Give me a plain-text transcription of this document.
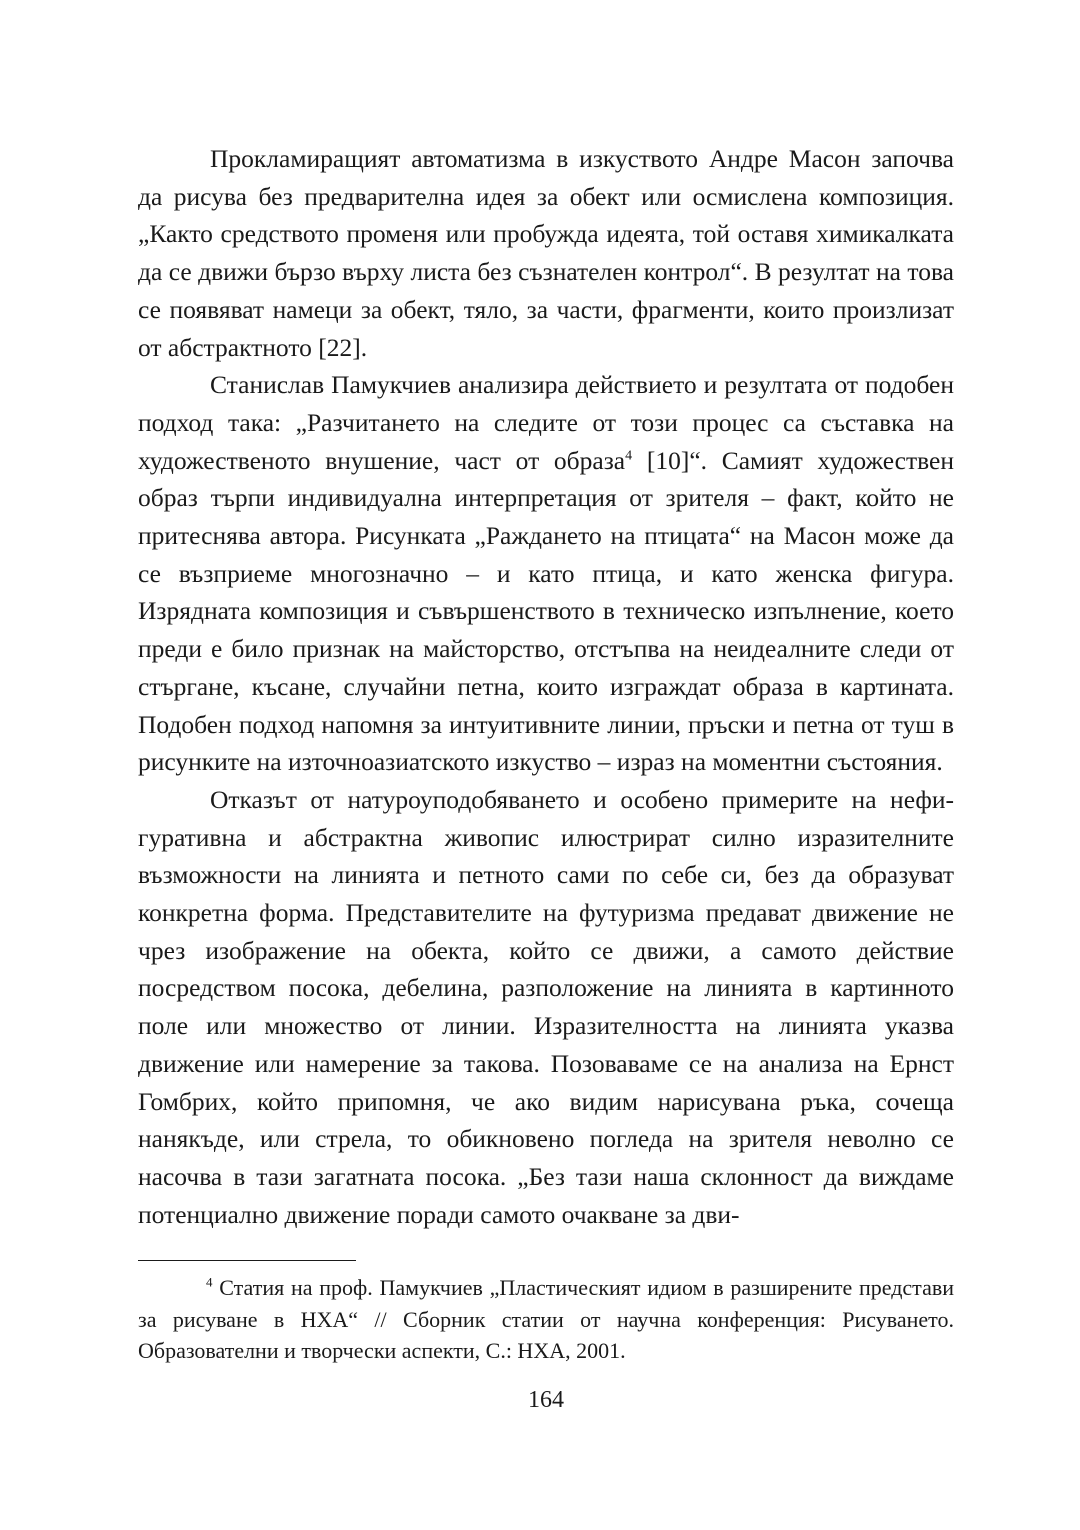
Прокламиращият автоматизма в изкуството Андре Масон започва да рисува без предварителна идея за обект или осмислена композиция. „Както средството променя или пробужда идеята, той оставя химикалката да се движи бързо върху листа без съзнателен контрол“. В резултат на това се появяват намеци за обект, тяло, за части, фрагменти, които произлизат от абстрактното [22].

Станислав Памукчиев анализира действието и резултата от подобен подход така: „Разчитането на следите от този процес са съставка на художественото внушение, част от образа$^4$ [10]“. Самият художествен образ търпи индивидуална интерпретация от зрителя – факт, който не притеснява автора. Рисунката „Раждането на птицата“ на Масон може да се възприеме многозначно – и като птица, и като женска фигура. Изрядната композиция и съвършенството в техническо изпълнение, което преди е било признак на майсторство, отстъпва на неидеалните следи от стъргане, късане, случайни петна, които изграждат образа в картината. Подобен подход напомня за интуитивните линии, пръски и петна от туш в рисунките на източноазиатското изкуство – израз на моментни състояния.

Отказът от натуроуподобяването и особено примерите на нефигуративна и абстрактна живопис илюстрират силно изразителните възможности на линията и петното сами по себе си, без да образуват конкретна форма. Представителите на футуризма предават движение не чрез изображение на обекта, който се движи, а самото действие посредством посока, дебелина, разположение на линията в картинното поле или множество от линии. Изразителността на линията указва движение или намерение за такова. Позоваваме се на анализа на Ернст Гомбрих, който припомня, че ако видим нарисувана ръка, сочеща нанякъде, или стрела, то обикновено погледа на зрителя неволно се насочва в тази загатната посока. „Без тази наша склонност да виждаме потенциално движение поради самото очакване за дви-

$^4$ Статия на проф. Памукчиев „Пластическият идиом в разширените представи за рисуване в НХА“ // Сборник статии от научна конференция: Рисуването. Образователни и творчески аспекти, С.: НХА, 2001.

164
